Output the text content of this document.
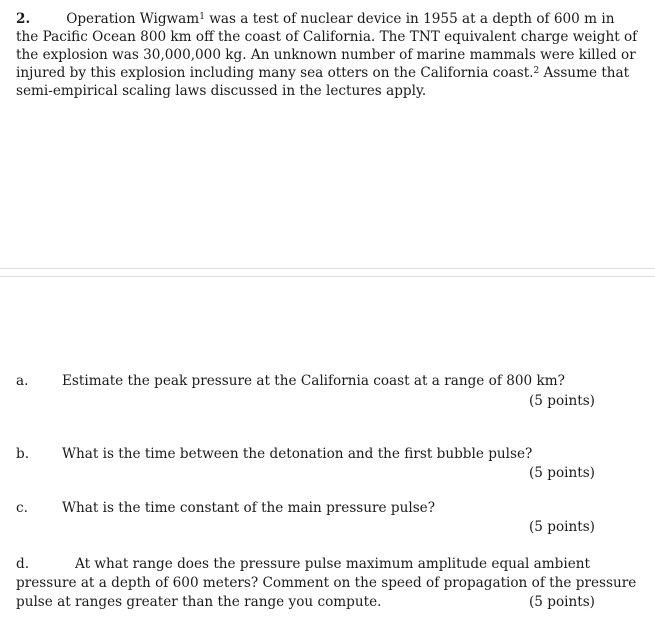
2.	Operation Wigwam$^1$ was a test of nuclear device in 1955 at a depth of 600 m in the Pacific Ocean 800 km off the coast of California. The TNT equivalent charge weight of the explosion was 30,000,000 kg. An unknown number of marine mammals were killed or injured by this explosion including many sea otters on the California coast.$^2$ Assume that semi-empirical scaling laws discussed in the lectures apply.
a. Estimate the peak pressure at the California coast at a range of 800 km?
(5 points)
b. What is the time between the detonation and the first bubble pulse?
(5 points)
c.	What is the time constant of the main pressure pulse?
(5 points)
d.	At what range does the pressure pulse maximum amplitude equal ambient pressure at a depth of 600 meters? Comment on the speed of propagation of the pressure pulse at ranges greater than the range you compute.	(5 points)
